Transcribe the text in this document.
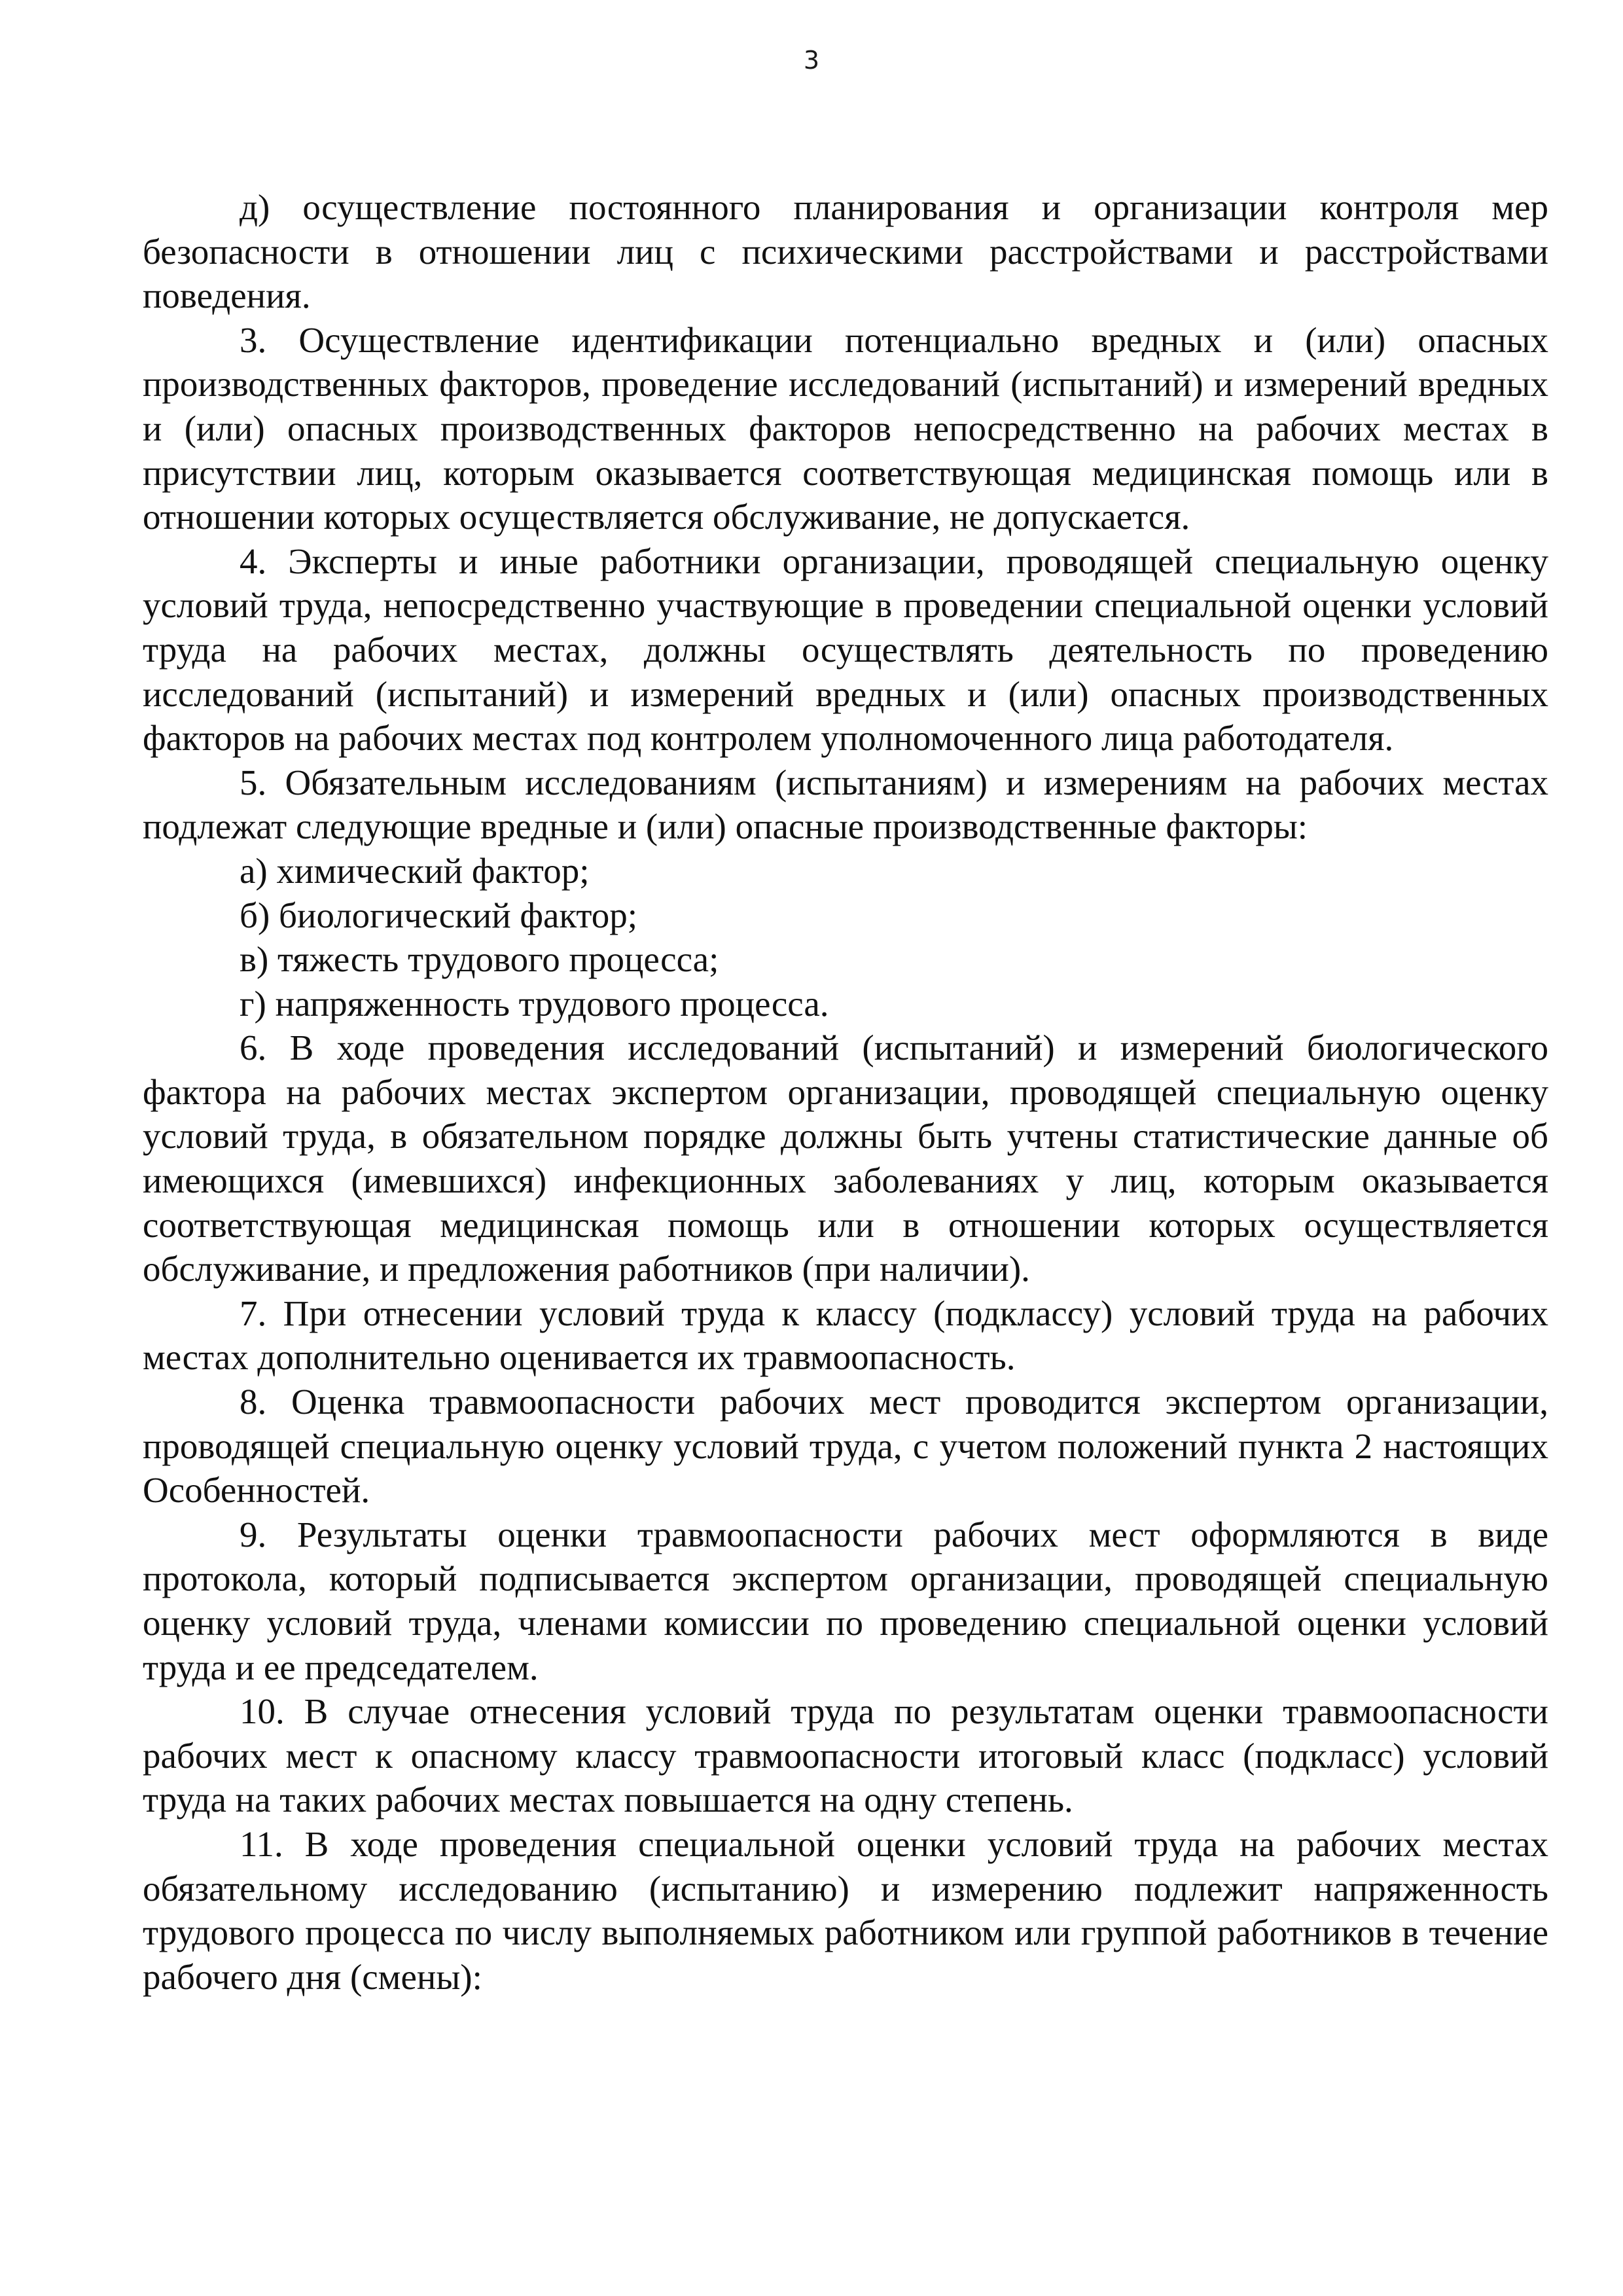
3

д) осуществление постоянного планирования и организации контроля мер безопасности в отношении лиц с психическими расстройствами и расстройствами поведения.

3. Осуществление идентификации потенциально вредных и (или) опасных производственных факторов, проведение исследований (испытаний) и измерений вредных и (или) опасных производственных факторов непосредственно на рабочих местах в присутствии лиц, которым оказывается соответствующая медицинская помощь или в отношении которых осуществляется обслуживание, не допускается.

4. Эксперты и иные работники организации, проводящей специальную оценку условий труда, непосредственно участвующие в проведении специальной оценки условий труда на рабочих местах, должны осуществлять деятельность по проведению исследований (испытаний) и измерений вредных и (или) опасных производственных факторов на рабочих местах под контролем уполномоченного лица работодателя.

5. Обязательным исследованиям (испытаниям) и измерениям на рабочих местах подлежат следующие вредные и (или) опасные производственные факторы:

а) химический фактор;

б) биологический фактор;

в) тяжесть трудового процесса;

г) напряженность трудового процесса.

6. В ходе проведения исследований (испытаний) и измерений биологического фактора на рабочих местах экспертом организации, проводящей специальную оценку условий труда, в обязательном порядке должны быть учтены статистические данные об имеющихся (имевшихся) инфекционных заболеваниях у лиц, которым оказывается соответствующая медицинская помощь или в отношении которых осуществляется обслуживание, и предложения работников (при наличии).

7. При отнесении условий труда к классу (подклассу) условий труда на рабочих местах дополнительно оценивается их травмоопасность.

8. Оценка травмоопасности рабочих мест проводится экспертом организации, проводящей специальную оценку условий труда, с учетом положений пункта 2 настоящих Особенностей.

9. Результаты оценки травмоопасности рабочих мест оформляются в виде протокола, который подписывается экспертом организации, проводящей специальную оценку условий труда, членами комиссии по проведению специальной оценки условий труда и ее председателем.

10. В случае отнесения условий труда по результатам оценки травмоопасности рабочих мест к опасному классу травмоопасности итоговый класс (подкласс) условий труда на таких рабочих местах повышается на одну степень.

11. В ходе проведения специальной оценки условий труда на рабочих местах обязательному исследованию (испытанию) и измерению подлежит напряженность трудового процесса по числу выполняемых работником или группой работников в течение рабочего дня (смены):
